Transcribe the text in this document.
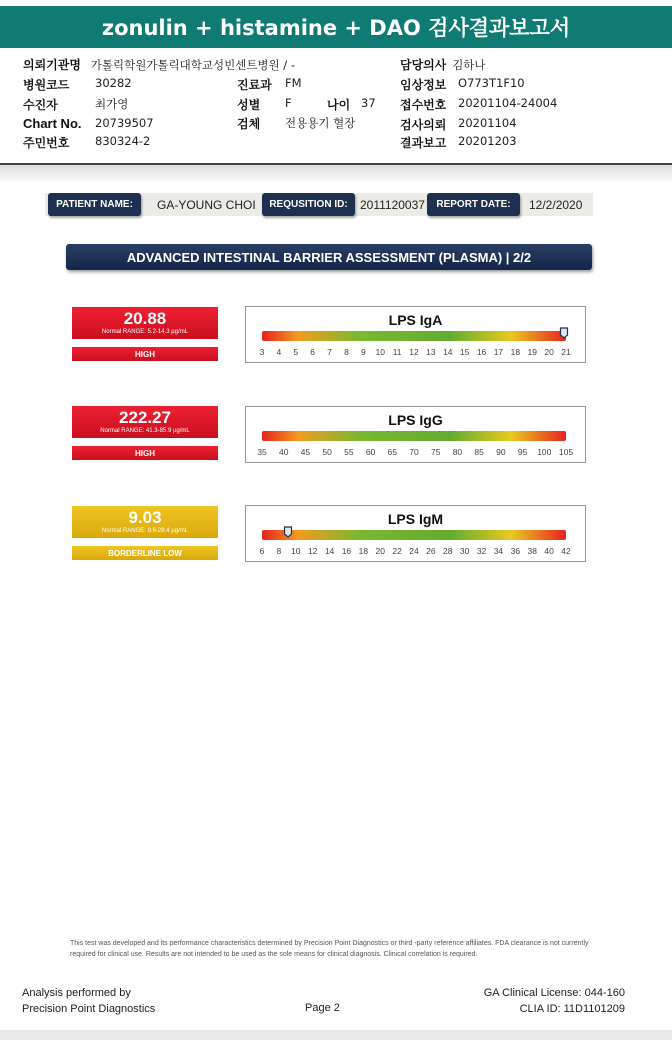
zonulin + histamine + DAO 검사결과보고서
의뢰기관명 가톨릭학원가톨릭대학교성빈센트병원 / -
병원코드 30282
수진자	최가영
Chart No. 20739507
주민번호 830324-2
진료과 FM
성별 F	나이 37
검체 전용용기 혈장
담당의사 김하나
임상정보 O773T1F10
접수번호 20201104-24004
검사의뢰 20201104
결과보고 20201203
PATIENT NAME:	GA-YOUNG CHOI	REQUSITION ID:	2011120037	REPORT DATE:	12/2/2020
ADVANCED INTESTINAL BARRIER ASSESSMENT (PLASMA) | 2/2
20.88
Normal RANGE: 5.2-14.3 µg/mL
HIGH
LPS IgA
3 4 5 6 7 8 9 10 11 12 13 14 15 16 17 18 19 20 21
222.27
Normal RANGE: 41.3-85.9 µg/mL
HIGH
LPS IgG
35 40 45 50 55 60 65 70 75 80 85 90 95 100 105
9.03
Normal RANGE: 9.6-28.4 µg/mL
BORDERLINE LOW
LPS IgM
6 8 10 12 14 16 18 20 22 24 26 28 30 32 34 36 38 40 42
This test was developed and its performance characteristics determined by Precision Point Diagnostics or third -party reference affiliates. FDA clearance is not currently required for clinical use. Results are not intended to be used as the sole means for clinical diagnosis. Clinical correlation is required.
Analysis performed by
Precision Point Diagnostics	Page 2
GA Clinical License: 044-160
CLIA ID: 11D1101209
